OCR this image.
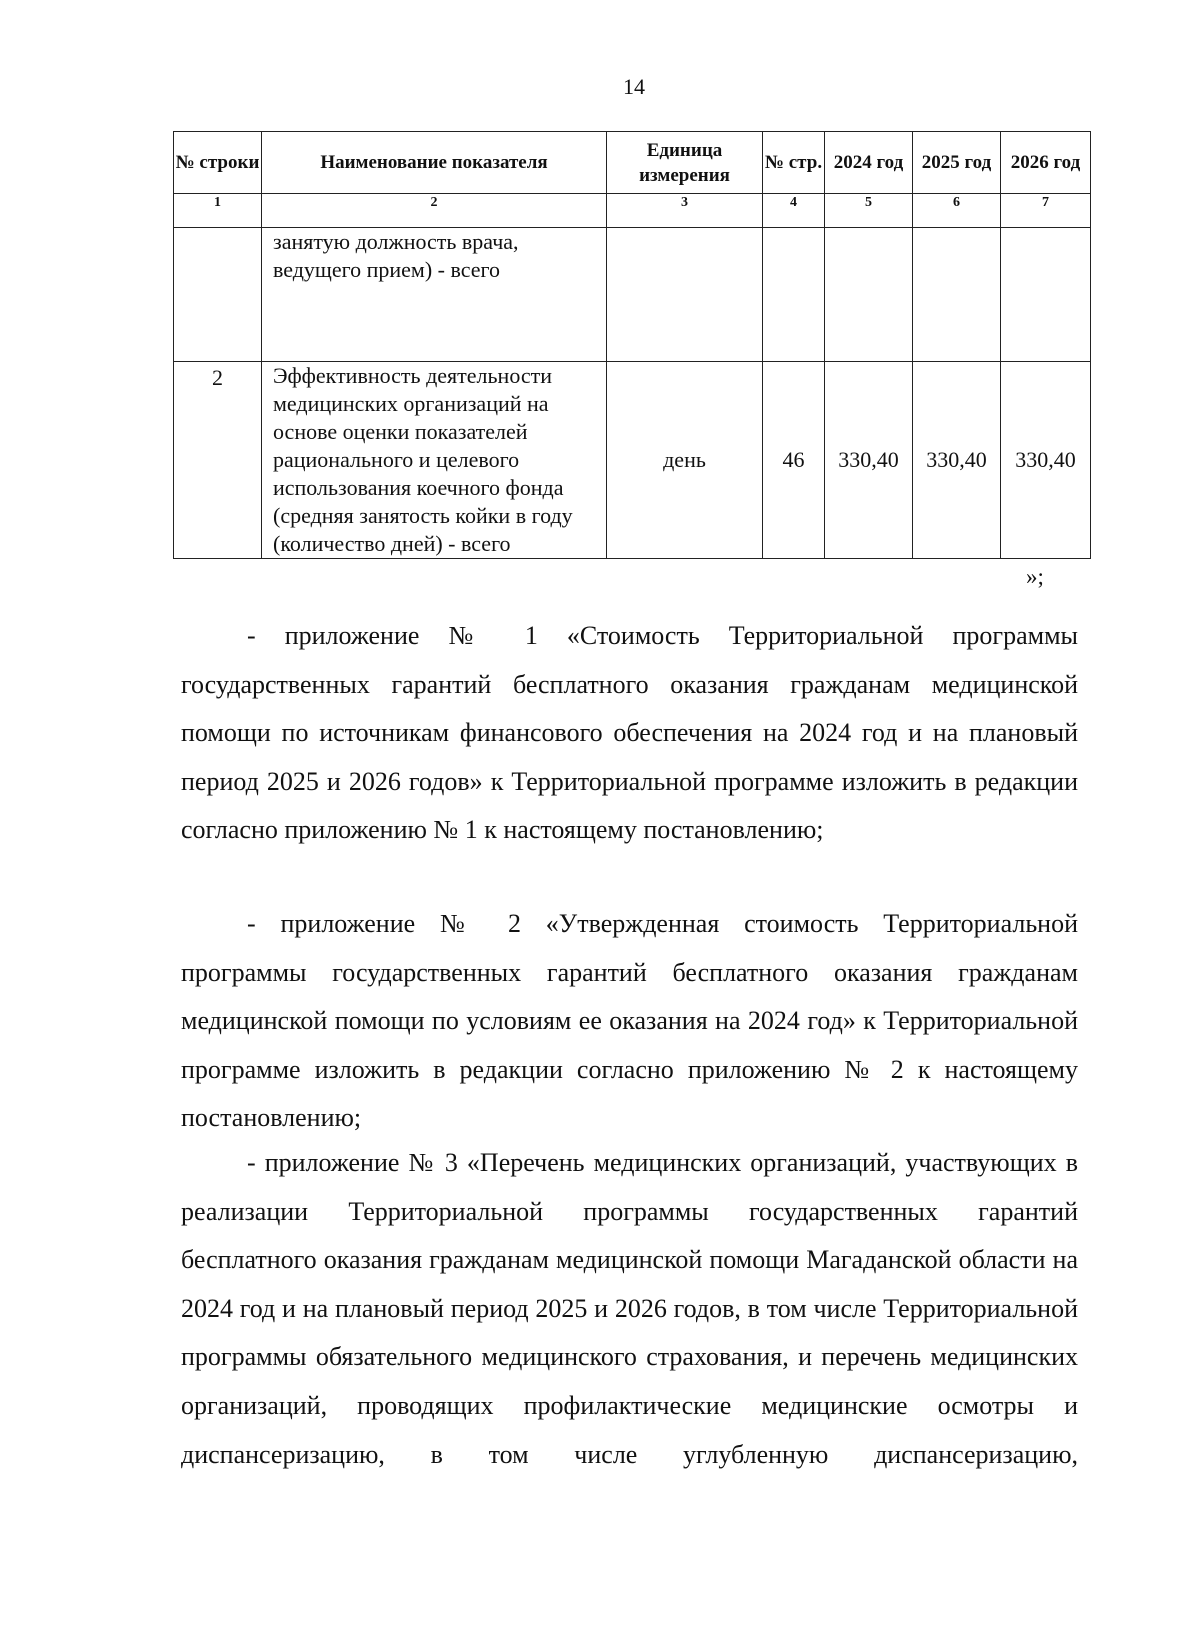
14
№ строки	Наименование показателя	Единица измерения	№ стр.	2024 год	2025 год	2026 год
1	2	3	4	5	6	7
	занятую должность врача, ведущего прием) - всего					
2	Эффективность деятельности медицинских организаций на основе оценки показателей рационального и целевого использования коечного фонда (средняя занятость койки в году (количество дней) - всего	день	46	330,40	330,40	330,40
»;

- приложение № 1 «Стоимость Территориальной программы государственных гарантий бесплатного оказания гражданам медицинской помощи по источникам финансового обеспечения на 2024 год и на плановый период 2025 и 2026 годов» к Территориальной программе изложить в редакции согласно приложению № 1 к настоящему постановлению;

- приложение № 2 «Утвержденная стоимость Территориальной программы государственных гарантий бесплатного оказания гражданам медицинской помощи по условиям ее оказания на 2024 год» к Территориальной программе изложить в редакции согласно приложению № 2 к настоящему постановлению;

- приложение № 3 «Перечень медицинских организаций, участвующих в реализации Территориальной программы государственных гарантий бесплатного оказания гражданам медицинской помощи Магаданской области на 2024 год и на плановый период 2025 и 2026 годов, в том числе Территориальной программы обязательного медицинского страхования, и перечень медицинских организаций, проводящих профилактические медицинские осмотры и диспансеризацию, в том числе углубленную диспансеризацию,
